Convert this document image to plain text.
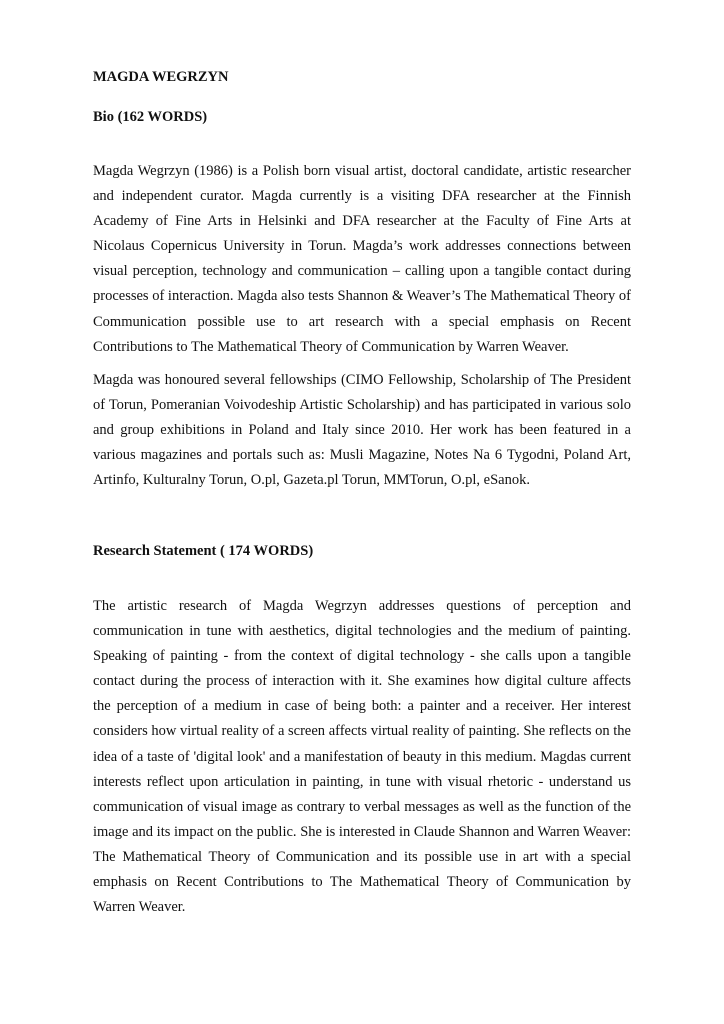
MAGDA WEGRZYN
Bio (162 WORDS)

Magda Wegrzyn (1986) is a Polish born visual artist, doctoral candidate, artistic researcher and independent curator. Magda currently is a visiting DFA researcher at the Finnish Academy of Fine Arts in Helsinki and DFA researcher at the Faculty of Fine Arts at Nicolaus Copernicus University in Torun. Magda’s work addresses connections between visual perception, technology and communication – calling upon a tangible contact during processes of interaction. Magda also tests Shannon & Weaver’s The Mathematical Theory of Communication possible use to art research with a special emphasis on Recent Contributions to The Mathematical Theory of Communication by Warren Weaver.

Magda was honoured several fellowships (CIMO Fellowship, Scholarship of The President of Torun, Pomeranian Voivodeship Artistic Scholarship) and has participated in various solo and group exhibitions in Poland and Italy since 2010. Her work has been featured in a various magazines and portals such as: Musli Magazine, Notes Na 6 Tygodni, Poland Art, Artinfo, Kulturalny Torun, O.pl, Gazeta.pl Torun, MMTorun, O.pl, eSanok.

Research Statement ( 174 WORDS)

The artistic research of Magda Wegrzyn addresses questions of perception and communication in tune with aesthetics, digital technologies and the medium of painting. Speaking of painting - from the context of digital technology - she calls upon a tangible contact during the process of interaction with it. She examines how digital culture affects the perception of a medium in case of being both: a painter and a receiver. Her interest considers how virtual reality of a screen affects virtual reality of painting. She reflects on the idea of a taste of 'digital look' and a manifestation of beauty in this medium. Magdas current interests reflect upon articulation in painting, in tune with visual rhetoric - understand us communication of visual image as contrary to verbal messages as well as the function of the image and its impact on the public. She is interested in Claude Shannon and Warren Weaver: The Mathematical Theory of Communication and its possible use in art with a special emphasis on Recent Contributions to The Mathematical Theory of Communication by Warren Weaver.
